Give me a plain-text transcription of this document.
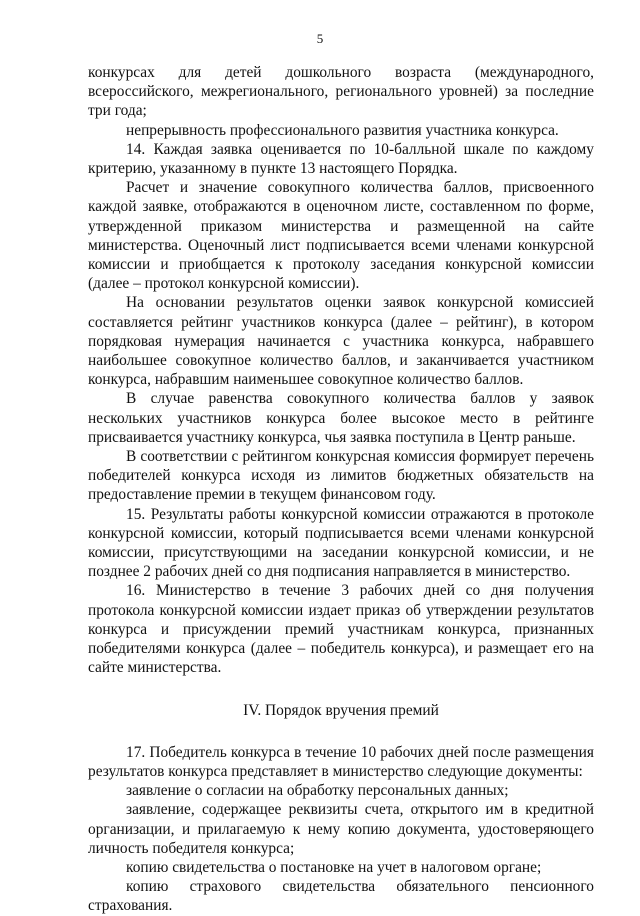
5

конкурсах для детей дошкольного возраста (международного, всероссийского, межрегионального, регионального уровней) за последние три года;

непрерывность профессионального развития участника конкурса.

14. Каждая заявка оценивается по 10-балльной шкале по каждому критерию, указанному в пункте 13 настоящего Порядка.

Расчет и значение совокупного количества баллов, присвоенного каждой заявке, отображаются в оценочном листе, составленном по форме, утвержденной приказом министерства и размещенной на сайте министерства. Оценочный лист подписывается всеми членами конкурсной комиссии и приобщается к протоколу заседания конкурсной комиссии (далее – протокол конкурсной комиссии).

На основании результатов оценки заявок конкурсной комиссией составляется рейтинг участников конкурса (далее – рейтинг), в котором порядковая нумерация начинается с участника конкурса, набравшего наибольшее совокупное количество баллов, и заканчивается участником конкурса, набравшим наименьшее совокупное количество баллов.

В случае равенства совокупного количества баллов у заявок нескольких участников конкурса более высокое место в рейтинге присваивается участнику конкурса, чья заявка поступила в Центр раньше.

В соответствии с рейтингом конкурсная комиссия формирует перечень победителей конкурса исходя из лимитов бюджетных обязательств на предоставление премии в текущем финансовом году.

15. Результаты работы конкурсной комиссии отражаются в протоколе конкурсной комиссии, который подписывается всеми членами конкурсной комиссии, присутствующими на заседании конкурсной комиссии, и не позднее 2 рабочих дней со дня подписания направляется в министерство.

16. Министерство в течение 3 рабочих дней со дня получения протокола конкурсной комиссии издает приказ об утверждении результатов конкурса и присуждении премий участникам конкурса, признанных победителями конкурса (далее – победитель конкурса), и размещает его на сайте министерства.

IV. Порядок вручения премий

17. Победитель конкурса в течение 10 рабочих дней после размещения результатов конкурса представляет в министерство следующие документы:

заявление о согласии на обработку персональных данных;

заявление, содержащее реквизиты счета, открытого им в кредитной организации, и прилагаемую к нему копию документа, удостоверяющего личность победителя конкурса;

копию свидетельства о постановке на учет в налоговом органе;

копию страхового свидетельства обязательного пенсионного страхования.
